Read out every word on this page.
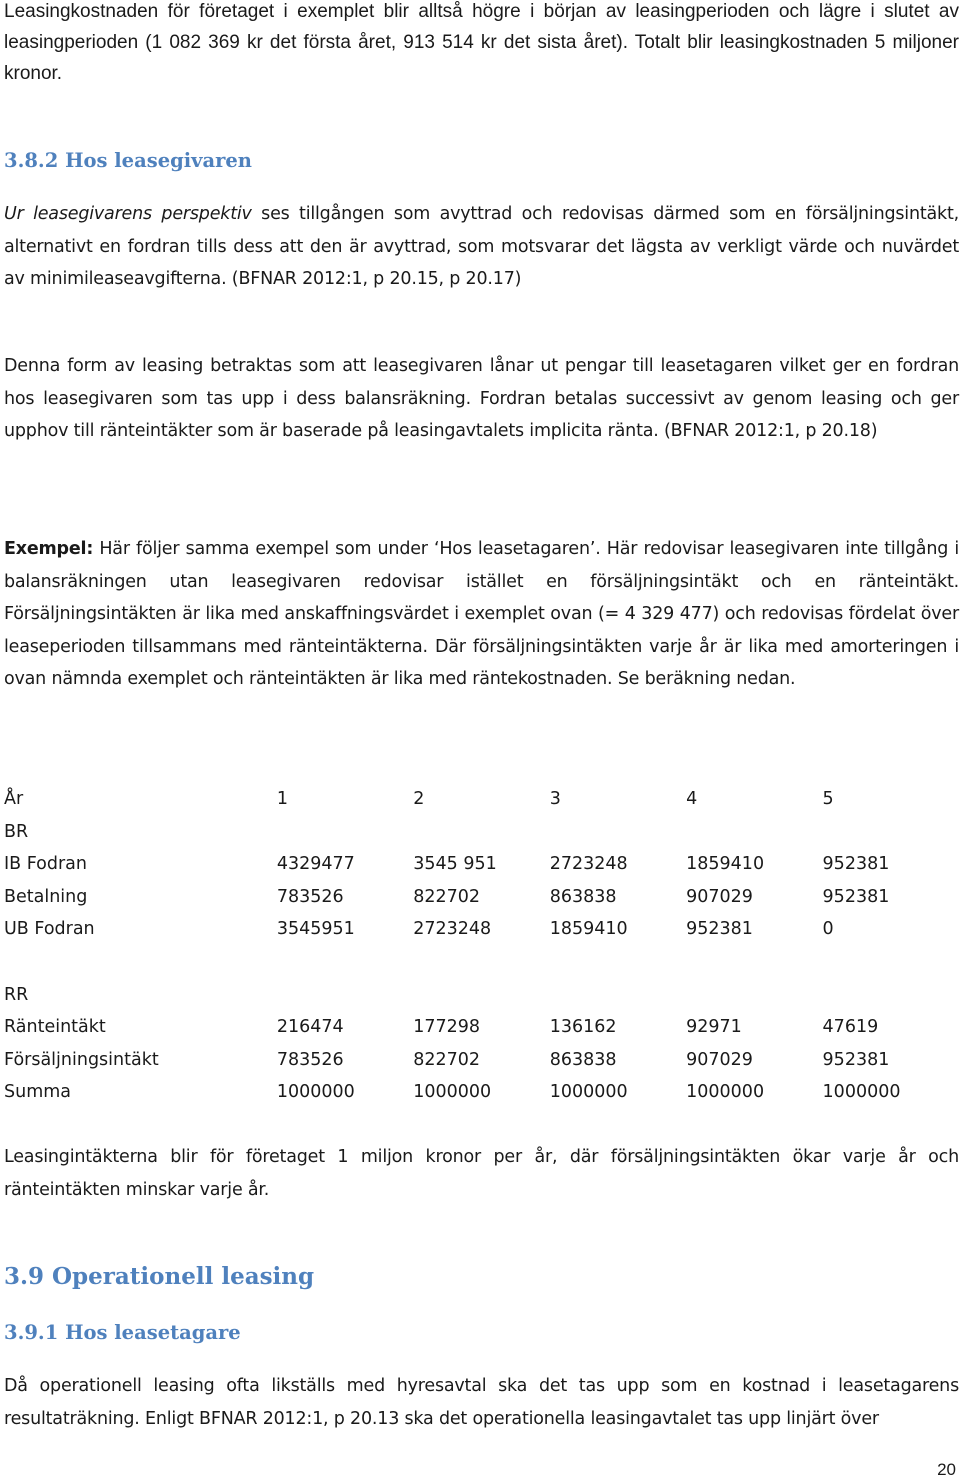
Leasingkostnaden för företaget i exemplet blir alltså högre i början av leasingperioden och lägre i slutet av leasingperioden (1 082 369 kr det första året, 913 514 kr det sista året). Totalt blir leasingkostnaden 5 miljoner kronor.

3.8.2 Hos leasegivaren

Ur leasegivarens perspektiv ses tillgången som avyttrad och redovisas därmed som en försäljningsintäkt, alternativt en fordran tills dess att den är avyttrad, som motsvarar det lägsta av verkligt värde och nuvärdet av minimileaseavgifterna. (BFNAR 2012:1, p 20.15, p 20.17)

Denna form av leasing betraktas som att leasegivaren lånar ut pengar till leasetagaren vilket ger en fordran hos leasegivaren som tas upp i dess balansräkning. Fordran betalas successivt av genom leasing och ger upphov till ränteintäkter som är baserade på leasingavtalets implicita ränta. (BFNAR 2012:1, p 20.18)

Exempel: Här följer samma exempel som under ‘Hos leasetagaren’. Här redovisar leasegivaren inte tillgång i balansräkningen utan leasegivaren redovisar istället en försäljningsintäkt och en ränteintäkt. Försäljningsintäkten är lika med anskaffningsvärdet i exemplet ovan (= 4 329 477) och redovisas fördelat över leaseperioden tillsammans med ränteintäkterna. Där försäljningsintäkten varje år är lika med amorteringen i ovan nämnda exemplet och ränteintäkten är lika med räntekostnaden. Se beräkning nedan.

År	1	2	3	4	5
BR					
IB Fodran	4329477	3545 951	2723248	1859410	952381
Betalning	783526	822702	863838	907029	952381
UB Fodran	3545951	2723248	1859410	952381	0

RR					
Ränteintäkt	216474	177298	136162	92971	47619
Försäljningsintäkt	783526	822702	863838	907029	952381
Summa	1000000	1000000	1000000	1000000	1000000

Leasingintäkterna blir för företaget 1 miljon kronor per år, där försäljningsintäkten ökar varje år och ränteintäkten minskar varje år.

3.9 Operationell leasing
3.9.1 Hos leasetagare

Då operationell leasing ofta likställs med hyresavtal ska det tas upp som en kostnad i leasetagarens resultaträkning. Enligt BFNAR 2012:1, p 20.13 ska det operationella leasingavtalet tas upp linjärt över

20
